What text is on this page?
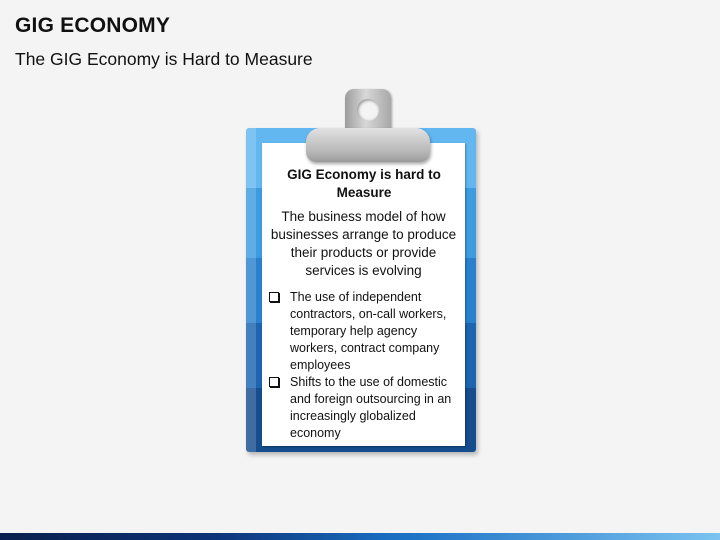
GIG ECONOMY
The GIG Economy is Hard to Measure
GIG Economy is hard to Measure
The business model of how businesses arrange to produce their products or provide services is evolving
The use of independent contractors, on-call workers, temporary help agency workers, contract company employees
Shifts to the use of domestic and foreign outsourcing in an increasingly globalized economy
